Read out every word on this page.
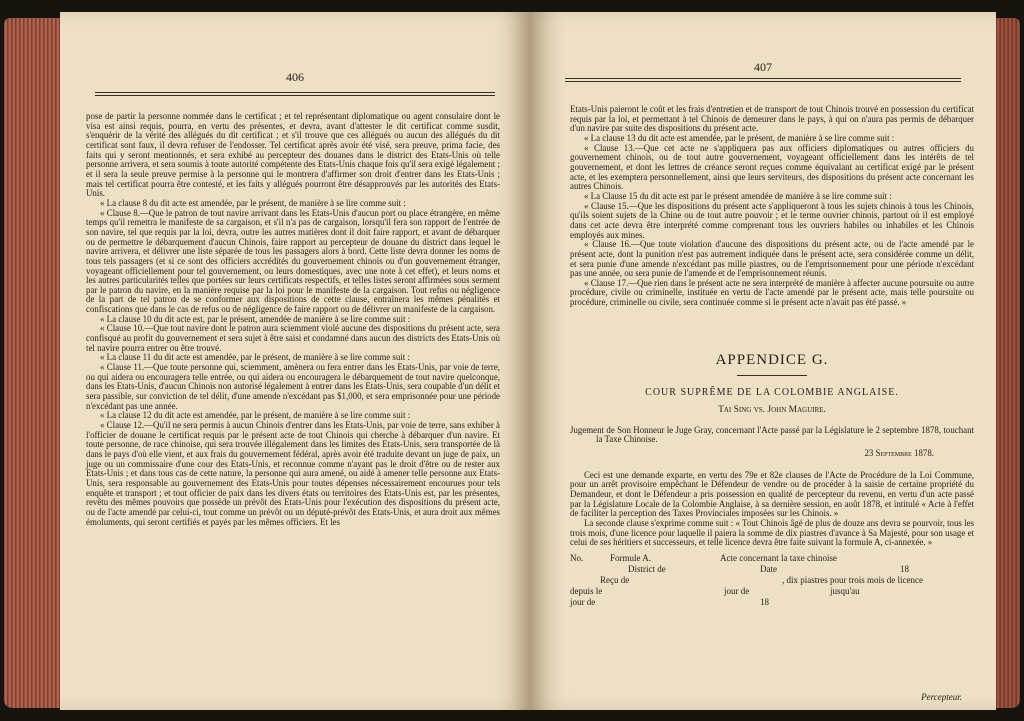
406

pose de partir la personne nommée dans le certificat ; et tel représentant diplomatique ou agent consulaire dont le visa est ainsi requis, pourra, en vertu des présentes, et devra, avant d'attester le dit certificat comme susdit, s'enquérir de la vérité des allégués du dit certificat ; et s'il trouve que ces allégués ou aucun des allégués du dit certificat sont faux, il devra refuser de l'endosser. Tel certificat après avoir été visé, sera preuve, prima facie, des faits qui y seront mentionnés, et sera exhibé au percepteur des douanes dans le district des Etats-Unis où telle personne arrivera, et sera soumis à toute autorité compétente des Etats-Unis chaque fois qu'il sera exigé légalement ; et il sera la seule preuve permise à la personne qui le montrera d'affirmer son droit d'entrer dans les Etats-Unis ; mais tel certificat pourra être contesté, et les faits y allégués pourront être désapprouvés par les autorités des Etats-Unis.

« La clause 8 du dit acte est amendée, par le présent, de manière à se lire comme suit :

« Clause 8.—Que le patron de tout navire arrivant dans les Etats-Unis d'aucun port ou place étrangère, en même temps qu'il remettra le manifeste de sa cargaison, et s'il n'a pas de cargaison, lorsqu'il fera son rapport de l'entrée de son navire, tel que requis par la loi, devra, outre les autres matières dont il doit faire rapport, et avant de débarquer ou de permettre le débarquement d'aucun Chinois, faire rapport au percepteur de douane du district dans lequel le navire arrivera, et délivrer une liste séparée de tous les passagers alors à bord. Cette liste devra donner les noms de tous tels passagers (et si ce sont des officiers accrédités du gouvernement chinois ou d'un gouvernement étranger, voyageant officiellement pour tel gouvernement, ou leurs domestiques, avec une note à cet effet), et leurs noms et les autres particularités telles que portées sur leurs certificats respectifs, et telles listes seront affirmées sous serment par le patron du navire, en la manière requise par la loi pour le manifeste de la cargaison. Tout refus ou négligence de la part de tel patron de se conformer aux dispositions de cette clause, entraînera les mêmes pénalités et confiscations que dans le cas de refus ou de négligence de faire rapport ou de délivrer un manifeste de la cargaison.

« La clause 10 du dit acte est, par le présent, amendée de manière à se lire comme suit :

« Clause 10.—Que tout navire dont le patron aura sciemment violé aucune des dispositions du présent acte, sera confisqué au profit du gouvernement et sera sujet à être saisi et condamné dans aucun des districts des Etats-Unis où tel navire pourra entrer ou être trouvé.

« La clause 11 du dit acte est amendée, par le présent, de manière à se lire comme suit :

« Clause 11.—Que toute personne qui, sciemment, amènera ou fera entrer dans les Etats-Unis, par voie de terre, ou qui aidera ou encouragera telle entrée, ou qui aidera ou encouragera le débarquement de tout navire quelconque, dans les Etats-Unis, d'aucun Chinois non autorisé légalement à entrer dans les Etats-Unis, sera coupable d'un délit et sera passible, sur conviction de tel délit, d'une amende n'excédant pas $1,000, et sera emprisonnée pour une période n'excédant pas une année.

« La clause 12 du dit acte est amendée, par le présent, de manière à se lire comme suit :

« Clause 12.—Qu'il ne sera permis à aucun Chinois d'entrer dans les Etats-Unis, par voie de terre, sans exhiber à l'officier de douane le certificat requis par le présent acte de tout Chinois qui cherche à débarquer d'un navire. Et toute personne, de race chinoise, qui sera trouvée illégalement dans les limites des Etats-Unis, sera transportée de là dans le pays d'où elle vient, et aux frais du gouvernement fédéral, après avoir été traduite devant un juge de paix, un juge ou un commissaire d'une cour des Etats-Unis, et reconnue comme n'ayant pas le droit d'être ou de rester aux Etats-Unis ; et dans tous cas de cette nature, la personne qui aura amené, ou aidé à amener telle personne aux Etats-Unis, sera responsable au gouvernement des Etats-Unis pour toutes dépenses nécessairement encourues pour tels enquête et transport ; et tout officier de paix dans les divers états ou territoires des Etats-Unis est, par les présentes, revêtu des mêmes pouvoirs que possède un prévôt des Etats-Unis pour l'exécution des dispositions du présent acte, ou de l'acte amendé par celui-ci, tout comme un prévôt ou un député-prévôt des Etats-Unis, et aura droit aux mêmes émoluments, qui seront certifiés et payés par les mêmes officiers. Et les

407

Etats-Unis paieront le coût et les frais d'entretien et de transport de tout Chinois trouvé en possession du certificat requis par la loi, et permettant à tel Chinois de demeurer dans le pays, à qui on n'aura pas permis de débarquer d'un navire par suite des dispositions du présent acte.

« La clause 13 du dit acte est amendée, par le présent, de manière à se lire comme suit :

« Clause 13.—Que cet acte ne s'appliquera pas aux officiers diplomatiques ou autres officiers du gouvernement chinois, ou de tout autre gouvernement, voyageant officiellement dans les intérêts de tel gouvernement, et dont les lettres de créance seront reçues comme équivalant au certificat exigé par le présent acte, et les exemptera personnellement, ainsi que leurs serviteurs, des dispositions du présent acte concernant les autres Chinois.

« La Clause 15 du dit acte est par le présent amendée de manière à se lire comme suit :

« Clause 15.—Que les dispositions du présent acte s'appliqueront à tous les sujets chinois à tous les Chinois, qu'ils soient sujets de la Chine ou de tout autre pouvoir ; et le terme ouvrier chinois, partout où il est employé dans cet acte devra être interprété comme comprenant tous les ouvriers habiles ou inhabiles et les Chinois employés aux mines.

« Clause 16.—Que toute violation d'aucune des dispositions du présent acte, ou de l'acte amendé par le présent acte, dont la punition n'est pas autrement indiquée dans le présent acte, sera considérée comme un délit, et sera punie d'une amende n'excédant pas mille piastres, ou de l'emprisonnement pour une période n'excédant pas une année, ou sera punie de l'amende et de l'emprisonnement réunis.

« Clause 17.—Que rien dans le présent acte ne sera interprété de manière à affecter aucune poursuite ou autre procédure, civile ou criminelle, instituée en vertu de l'acte amendé par le présent acte, mais telle poursuite ou procédure, criminelle ou civile, sera continuée comme si le présent acte n'avait pas été passé. »

APPENDICE G.
COUR SUPRÊME DE LA COLOMBIE ANGLAISE.
Tai Sing vs. John Maguire.

Jugement de Son Honneur le Juge Gray, concernant l'Acte passé par la Législature le 2 septembre 1878, touchant la Taxe Chinoise.

23 Septembre 1878.

Ceci est une demande exparte, en vertu des 79e et 82e clauses de l'Acte de Procédure de la Loi Commune, pour un arrêt provisoire empêchant le Défendeur de vendre ou de procéder à la saisie de certaine propriété du Demandeur, et dont le Défendeur a pris possession en qualité de percepteur du revenu, en vertu d'un acte passé par la Législature Locale de la Colombie Anglaise, à sa dernière session, en août 1878, et intitulé « Acte à l'effet de faciliter la perception des Taxes Provinciales imposées sur les Chinois. »

La seconde clause s'exprime comme suit : « Tout Chinois âgé de plus de douze ans devra se pourvoir, tous les trois mois, d'une licence pour laquelle il paiera la somme de dix piastres d'avance à Sa Majesté, pour son usage et celui de ses héritiers et successeurs, et telle licence devra être faite suivant la formule A, ci-annexée. »

No.	Formule A.	Acte concernant la taxe chinoise
District de	Date	18
Reçu de	, dix piastres pour trois mois de licence
depuis le	jour de	jusqu'au
jour de	18
Percepteur.
